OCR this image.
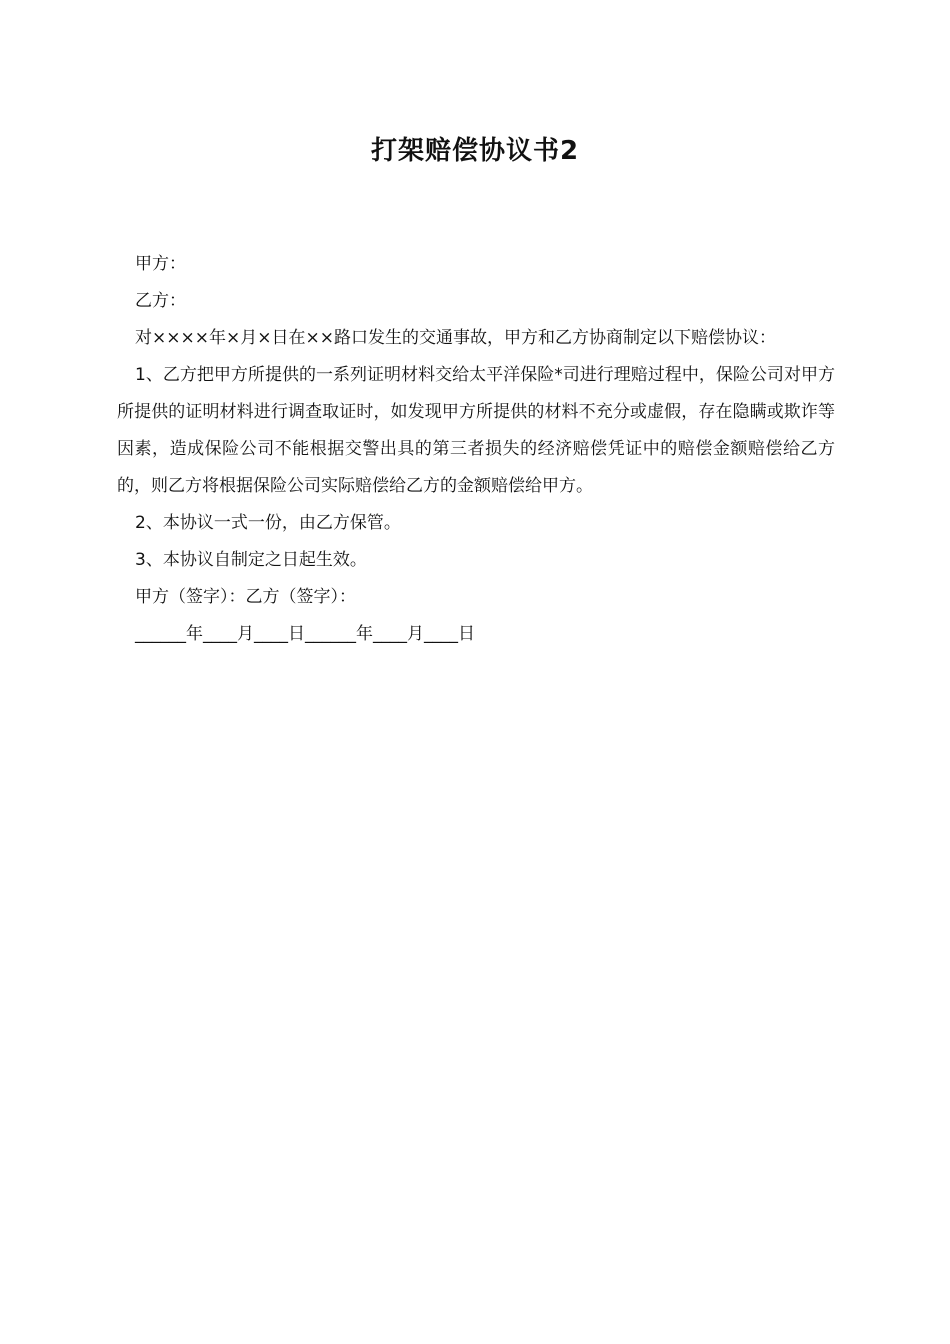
打架赔偿协议书2

甲方：

乙方：

对××××年×月×日在××路口发生的交通事故，甲方和乙方协商制定以下赔偿协议：

1、乙方把甲方所提供的一系列证明材料交给太平洋保险*司进行理赔过程中，保险公司对甲方所提供的证明材料进行调查取证时，如发现甲方所提供的材料不充分或虚假，存在隐瞒或欺诈等因素，造成保险公司不能根据交警出具的第三者损失的经济赔偿凭证中的赔偿金额赔偿给乙方的，则乙方将根据保险公司实际赔偿给乙方的金额赔偿给甲方。

2、本协议一式一份，由乙方保管。

3、本协议自制定之日起生效。

甲方（签字）：乙方（签字）：

______年____月____日______年____月____日
